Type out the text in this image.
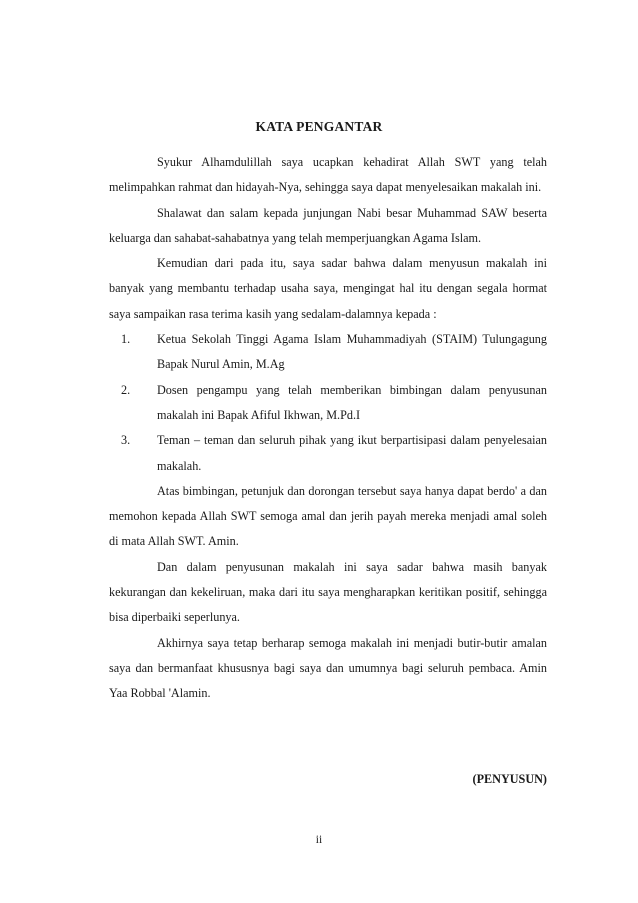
KATA PENGANTAR

Syukur Alhamdulillah saya ucapkan kehadirat Allah SWT yang telah melimpahkan rahmat dan hidayah-Nya, sehingga saya dapat menyelesaikan makalah ini.

Shalawat dan salam kepada junjungan Nabi besar Muhammad SAW beserta keluarga dan sahabat-sahabatnya yang telah memperjuangkan Agama Islam.

Kemudian dari pada itu, saya sadar bahwa dalam menyusun makalah ini banyak yang membantu terhadap usaha saya, mengingat hal itu dengan segala hormat saya sampaikan rasa terima kasih yang sedalam-dalamnya kepada :

1. Ketua Sekolah Tinggi Agama Islam Muhammadiyah (STAIM) Tulungagung Bapak Nurul Amin, M.Ag
2. Dosen pengampu yang telah memberikan bimbingan dalam penyusunan makalah ini Bapak Afiful Ikhwan, M.Pd.I
3. Teman – teman dan seluruh pihak yang ikut berpartisipasi dalam penyelesaian makalah.

Atas bimbingan, petunjuk dan dorongan tersebut saya hanya dapat berdo' a dan memohon kepada Allah SWT semoga amal dan jerih payah mereka menjadi amal soleh di mata Allah SWT. Amin.

Dan dalam penyusunan makalah ini saya sadar bahwa masih banyak kekurangan dan kekeliruan, maka dari itu saya mengharapkan keritikan positif, sehingga bisa diperbaiki seperlunya.

Akhirnya saya tetap berharap semoga makalah ini menjadi butir-butir amalan saya dan bermanfaat khususnya bagi saya dan umumnya bagi seluruh pembaca. Amin Yaa Robbal 'Alamin.

(PENYUSUN)
ii
